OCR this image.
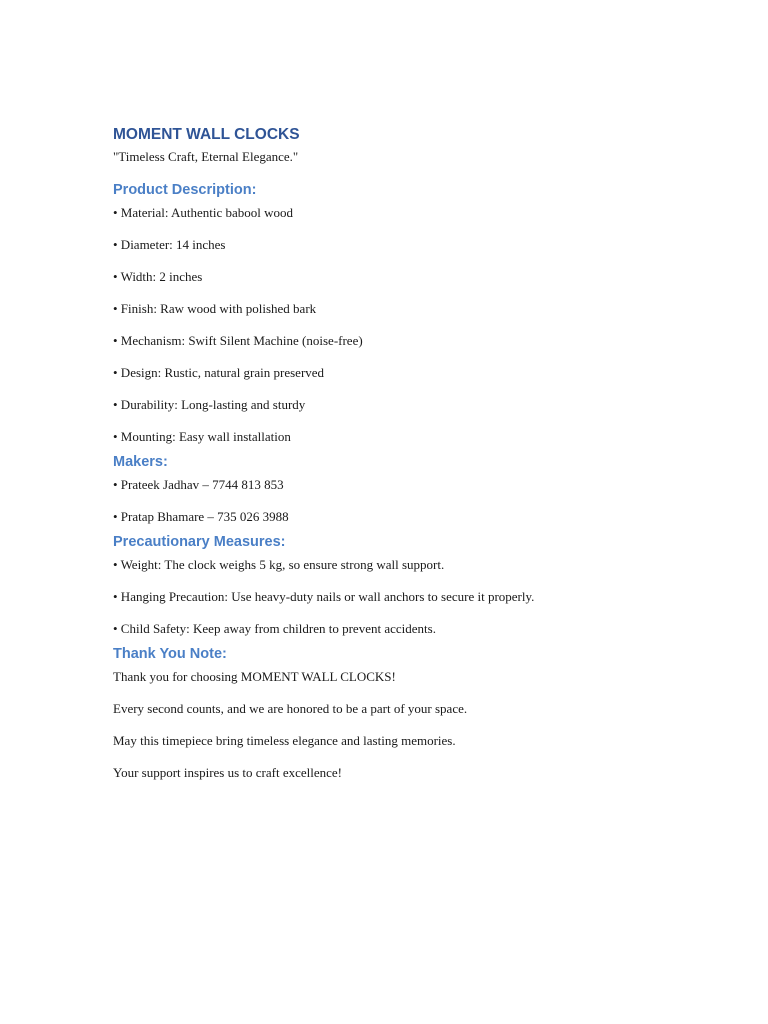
MOMENT WALL CLOCKS
"Timeless Craft, Eternal Elegance."
Product Description:
• Material: Authentic babool wood
• Diameter: 14 inches
• Width: 2 inches
• Finish: Raw wood with polished bark
• Mechanism: Swift Silent Machine (noise-free)
• Design: Rustic, natural grain preserved
• Durability: Long-lasting and sturdy
• Mounting: Easy wall installation
Makers:
• Prateek Jadhav – 7744 813 853
• Pratap Bhamare – 735 026 3988
Precautionary Measures:
• Weight: The clock weighs 5 kg, so ensure strong wall support.
• Hanging Precaution: Use heavy-duty nails or wall anchors to secure it properly.
• Child Safety: Keep away from children to prevent accidents.
Thank You Note:
Thank you for choosing MOMENT WALL CLOCKS!
Every second counts, and we are honored to be a part of your space.
May this timepiece bring timeless elegance and lasting memories.
Your support inspires us to craft excellence!
